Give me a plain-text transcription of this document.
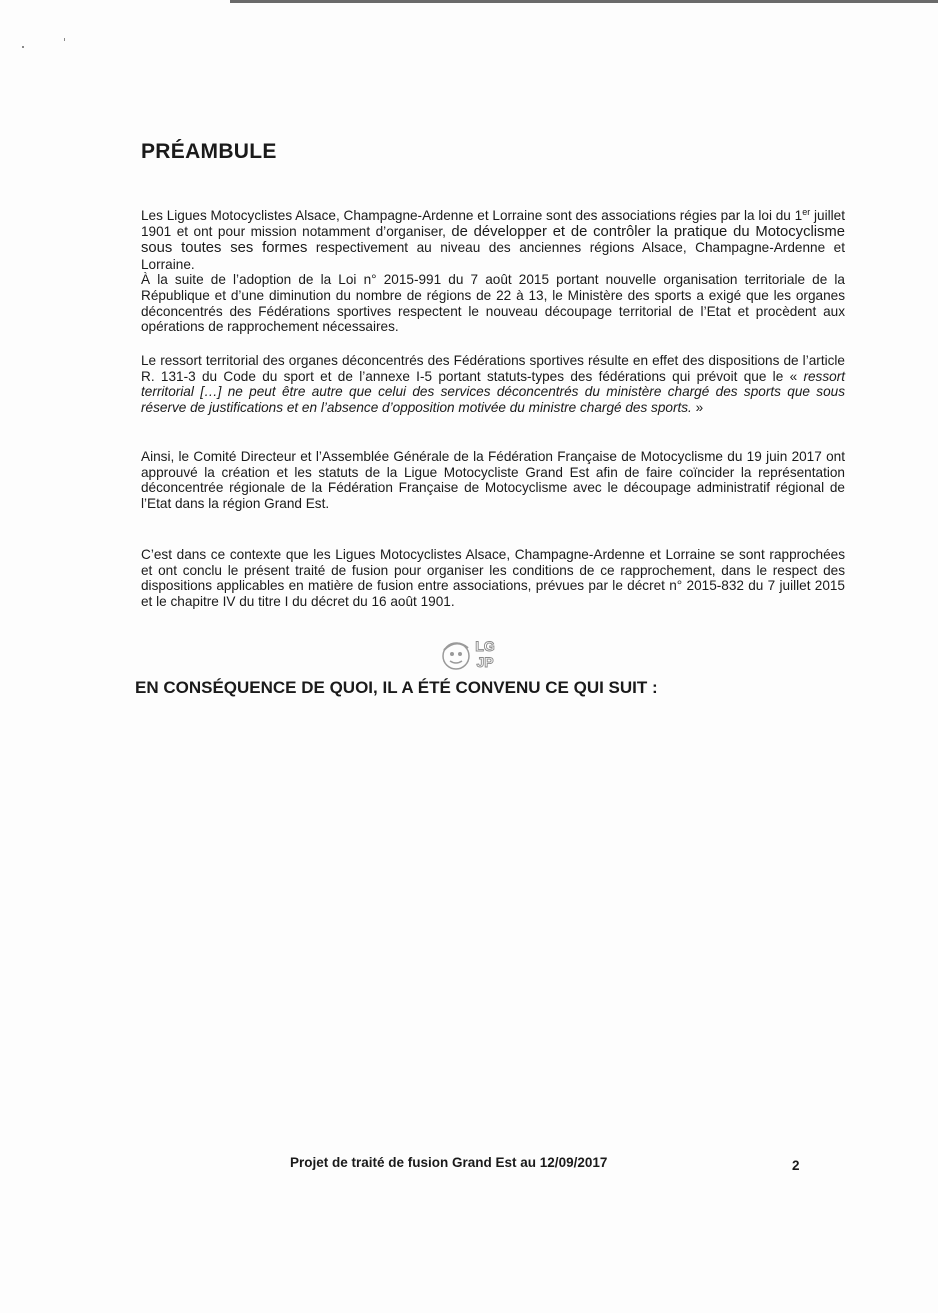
PRÉAMBULE

Les Ligues Motocyclistes Alsace, Champagne-Ardenne et Lorraine sont des associations régies par la loi du 1er juillet 1901 et ont pour mission notamment d’organiser, de développer et de contrôler la pratique du Motocyclisme sous toutes ses formes respectivement au niveau des anciennes régions Alsace, Champagne-Ardenne et Lorraine.
À la suite de l’adoption de la Loi n° 2015-991 du 7 août 2015 portant nouvelle organisation territoriale de la République et d’une diminution du nombre de régions de 22 à 13, le Ministère des sports a exigé que les organes déconcentrés des Fédérations sportives respectent le nouveau découpage territorial de l’Etat et procèdent aux opérations de rapprochement nécessaires.

Le ressort territorial des organes déconcentrés des Fédérations sportives résulte en effet des dispositions de l’article R. 131-3 du Code du sport et de l’annexe I-5 portant statuts-types des fédérations qui prévoit que le « ressort territorial […] ne peut être autre que celui des services déconcentrés du ministère chargé des sports que sous réserve de justifications et en l’absence d’opposition motivée du ministre chargé des sports. »

Ainsi, le Comité Directeur et l’Assemblée Générale de la Fédération Française de Motocyclisme du 19 juin 2017 ont approuvé la création et les statuts de la Ligue Motocycliste Grand Est afin de faire coïncider la représentation déconcentrée régionale de la Fédération Française de Motocyclisme avec le découpage administratif régional de l’Etat dans la région Grand Est.

C’est dans ce contexte que les Ligues Motocyclistes Alsace, Champagne-Ardenne et Lorraine se sont rapprochées et ont conclu le présent traité de fusion pour organiser les conditions de ce rapprochement, dans le respect des dispositions applicables en matière de fusion entre associations, prévues par le décret n° 2015-832 du 7 juillet 2015 et le chapitre IV du titre I du décret du 16 août 1901.

LG
JP
EN CONSÉQUENCE DE QUOI, IL A ÉTÉ CONVENU CE QUI SUIT :

Projet de traité de fusion Grand Est au 12/09/2017	2
